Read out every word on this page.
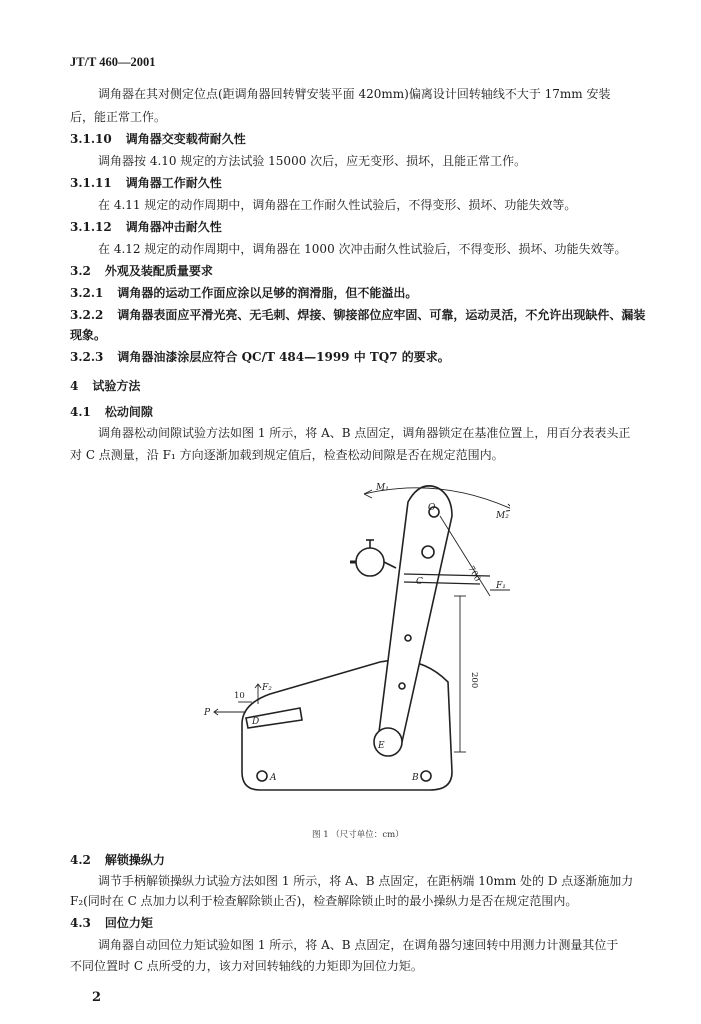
JT/T 460—2001
调角器在其对侧定位点(距调角器回转臂安装平面 420mm)偏离设计回转轴线不大于 17mm 安装
后，能正常工作。
3.1.10 调角器交变载荷耐久性
调角器按 4.10 规定的方法试验 15000 次后，应无变形、损坏，且能正常工作。
3.1.11 调角器工作耐久性
在 4.11 规定的动作周期中，调角器在工作耐久性试验后，不得变形、损坏、功能失效等。
3.1.12 调角器冲击耐久性
在 4.12 规定的动作周期中，调角器在 1000 次冲击耐久性试验后，不得变形、损坏、功能失效等。
3.2 外观及装配质量要求
3.2.1 调角器的运动工作面应涂以足够的润滑脂，但不能溢出。
3.2.2 调角器表面应平滑光亮、无毛刺、焊接、铆接部位应牢固、可靠，运动灵活，不允许出现缺件、漏装
现象。
3.2.3 调角器油漆涂层应符合 QC/T 484—1999 中 TQ7 的要求。
4 试验方法
4.1 松动间隙
调角器松动间隙试验方法如图 1 所示，将 A、B 点固定，调角器锁定在基准位置上，用百分表表头正
对 C 点测量，沿 F₁ 方向逐渐加载到规定值后，检查松动间隙是否在规定范围内。
M₁
M₂
O
C	F₁
F₂
P
D
E
A	B
700
200
10
图 1 （尺寸单位：cm）
4.2 解锁操纵力
调节手柄解锁操纵力试验方法如图 1 所示，将 A、B 点固定，在距柄端 10mm 处的 D 点逐渐施加力
F₂(同时在 C 点加力以利于检查解除锁止否)，检查解除锁止时的最小操纵力是否在规定范围内。
4.3 回位力矩
调角器自动回位力矩试验如图 1 所示，将 A、B 点固定，在调角器匀速回转中用测力计测量其位于
不同位置时 C 点所受的力，该力对回转轴线的力矩即为回位力矩。
2
